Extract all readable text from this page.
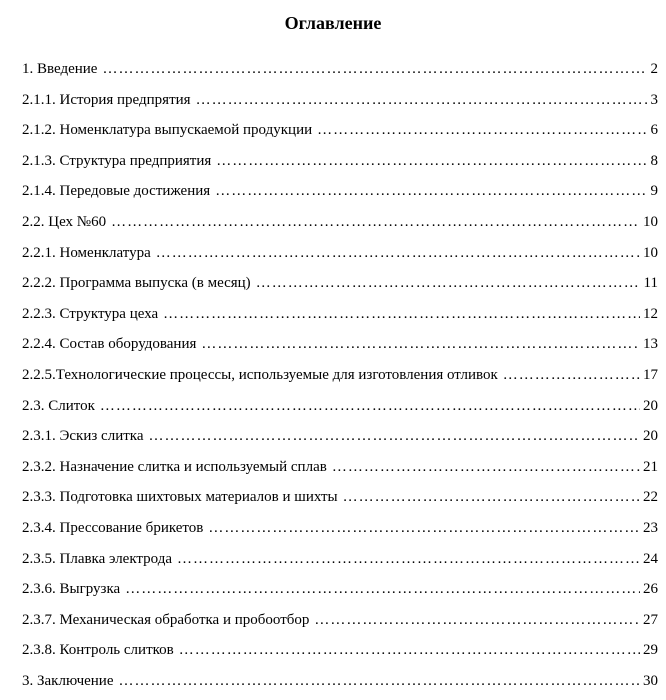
Оглавление
1. Введение ……………………………………………………………………………………………………………………………………………………………………………………………………………	2
2.1.1. История предпрятия ……………………………………………………………………………………………………………………………………………………………………………………………………………	3
2.1.2. Номенклатура выпускаемой продукции ……………………………………………………………………………………………………………………………………………………………………………………………………………	6
2.1.3. Структура предприятия ……………………………………………………………………………………………………………………………………………………………………………………………………………	8
2.1.4. Передовые достижения ……………………………………………………………………………………………………………………………………………………………………………………………………………	9
2.2. Цех №60 ……………………………………………………………………………………………………………………………………………………………………………………………………………	10
2.2.1. Номенклатура ……………………………………………………………………………………………………………………………………………………………………………………………………………	10
2.2.2. Программа выпуска (в месяц) ……………………………………………………………………………………………………………………………………………………………………………………………………………	11
2.2.3. Структура цеха ……………………………………………………………………………………………………………………………………………………………………………………………………………	12
2.2.4. Состав оборудования ……………………………………………………………………………………………………………………………………………………………………………………………………………	13
2.2.5.Технологические процессы, используемые для изготовления отливок ……………………………………………………………………………………………………………………………………………………………………………………………………………	17
2.3. Слиток ……………………………………………………………………………………………………………………………………………………………………………………………………………	20
2.3.1. Эскиз слитка ……………………………………………………………………………………………………………………………………………………………………………………………………………	20
2.3.2. Назначение слитка и используемый сплав ……………………………………………………………………………………………………………………………………………………………………………………………………………	21
2.3.3. Подготовка шихтовых материалов и шихты ……………………………………………………………………………………………………………………………………………………………………………………………………………	22
2.3.4. Прессование брикетов ……………………………………………………………………………………………………………………………………………………………………………………………………………	23
2.3.5. Плавка электрода ……………………………………………………………………………………………………………………………………………………………………………………………………………	24
2.3.6. Выгрузка ……………………………………………………………………………………………………………………………………………………………………………………………………………	26
2.3.7. Механическая обработка и пробоотбор ……………………………………………………………………………………………………………………………………………………………………………………………………………	27
2.3.8. Контроль слитков ……………………………………………………………………………………………………………………………………………………………………………………………………………	29
3. Заключение ……………………………………………………………………………………………………………………………………………………………………………………………………………	30
